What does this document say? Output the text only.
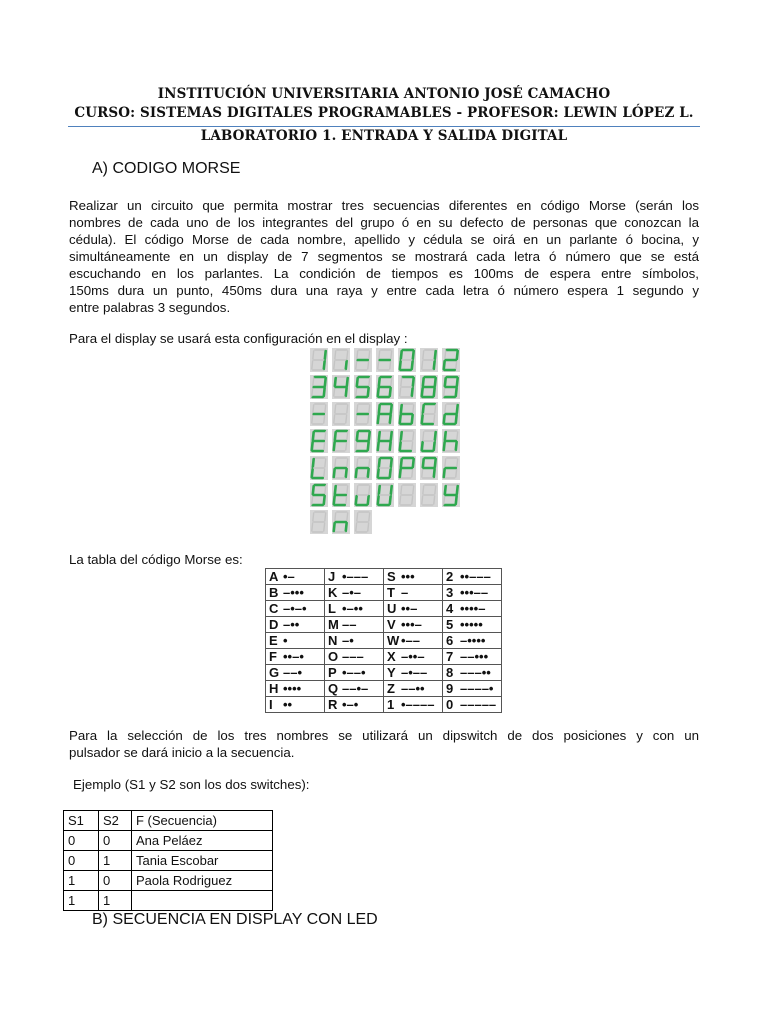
INSTITUCIÓN UNIVERSITARIA ANTONIO JOSÉ CAMACHO
CURSO: SISTEMAS DIGITALES PROGRAMABLES - PROFESOR: LEWIN LÓPEZ L.
LABORATORIO 1. ENTRADA Y SALIDA DIGITAL
A) CODIGO MORSE
Realizar un circuito que permita mostrar tres secuencias diferentes en código Morse (serán los
nombres de cada uno de los integrantes del grupo ó en su defecto de personas que conozcan la
cédula). El código Morse de cada nombre, apellido y cédula se oirá en un parlante ó bocina, y
simultáneamente en un display de 7 segmentos se mostrará cada letra ó número que se está
escuchando en los parlantes. La condición de tiempos es 100ms de espera entre símbolos,
150ms dura un punto, 450ms dura una raya y entre cada letra ó número espera 1 segundo y
entre palabras 3 segundos.
Para el display se usará esta configuración en el display :
La tabla del código Morse es:
A •–	J •–––	S •••	2 ••–––
B –•••	K –•–	T –	3 •••––
C –•–•	L •–••	U ••–	4 ••••–
D –••	M ––	V •••–	5 •••••
E •	N –•	W •––	6 –••••
F ••–•	O –––	X –••–	7 ––•••
G ––•	P •––•	Y –•––	8 –––••
H ••••	Q ––•–	Z ––••	9 ––––•
I ••	R •–•	1 •––––	0 –––––
Para la selección de los tres nombres se utilizará un dipswitch de dos posiciones y con un
pulsador se dará inicio a la secuencia.
Ejemplo (S1 y S2 son los dos switches):
S1	S2	F (Secuencia)
0	0	Ana Peláez
0	1	Tania Escobar
1	0	Paola Rodriguez
1	1	
B) SECUENCIA EN DISPLAY CON LED
